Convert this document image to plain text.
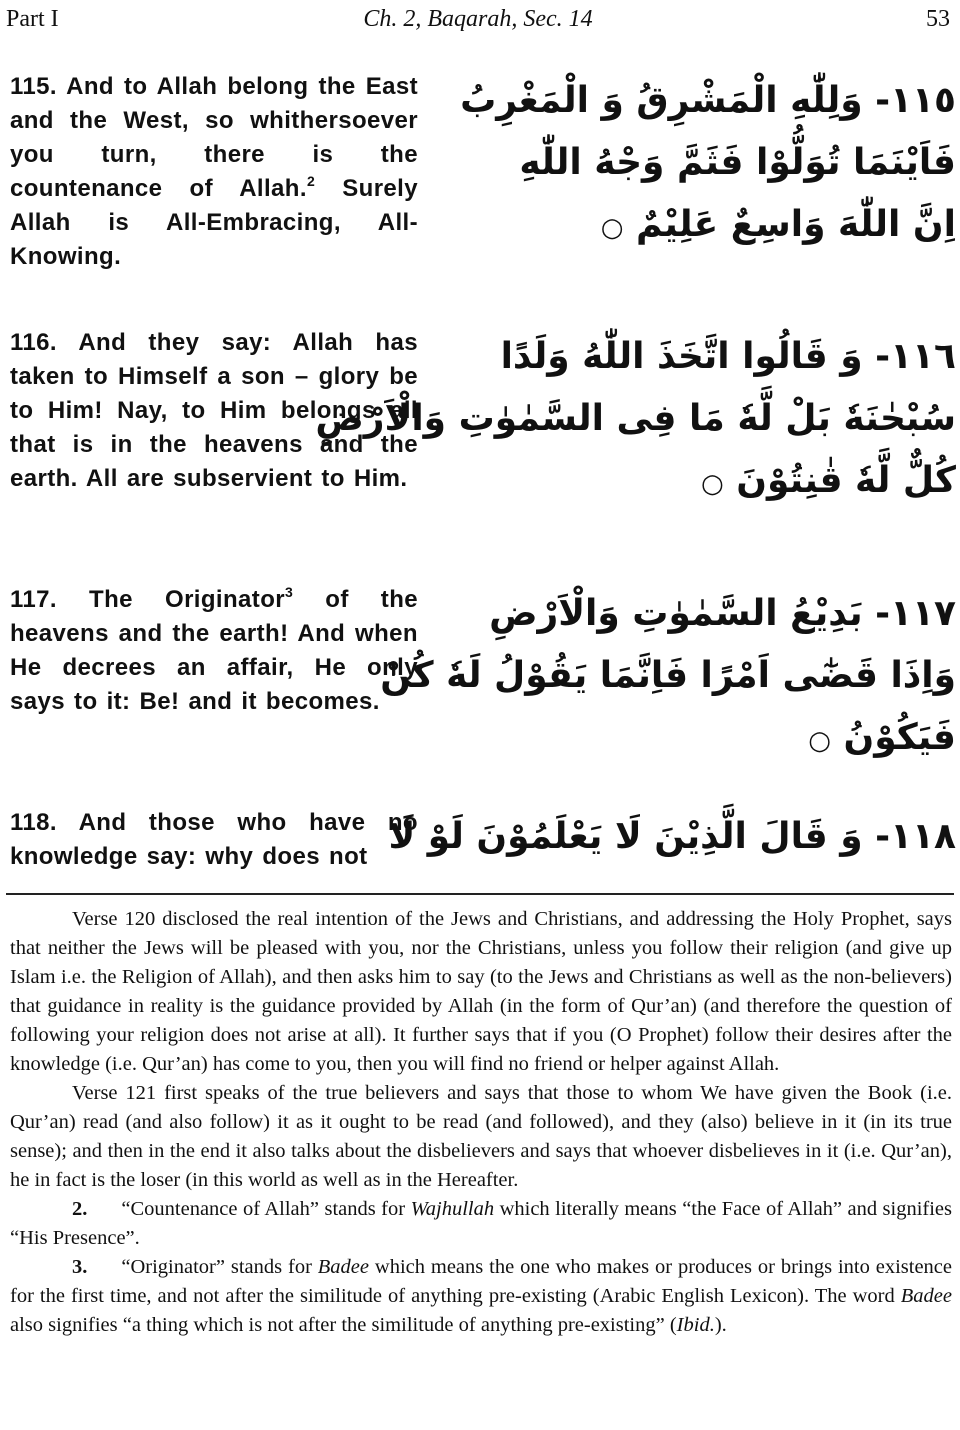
Part I	Ch. 2, Baqarah, Sec. 14	53
115. And to Allah belong the East and the West, so whithersoever you turn, there is the countenance of Allah.$^2$ Surely Allah is All-Embracing, All-Knowing.
١١٥- وَلِلّٰهِ الْمَشْرِقُ وَ الْمَغْرِبُ
فَاَيْنَمَا تُوَلُّوْا فَثَمَّ وَجْهُ اللّٰهِ
اِنَّ اللّٰهَ وَاسِعٌ عَلِيْمٌ ○
116. And they say: Allah has taken to Himself a son – glory be to Him! Nay, to Him belongs all that is in the heavens and the earth. All are subservient to Him.
١١٦- وَ قَالُوا اتَّخَذَ اللّٰهُ وَلَدًا
سُبْحٰنَهٗ بَلْ لَّهٗ مَا فِى السَّمٰوٰتِ وَالْاَرْضِ
كُلٌّ لَّهٗ قٰنِتُوْنَ ○
117. The Originator$^3$ of the heavens and the earth! And when He decrees an affair, He only says to it: Be! and it becomes.
١١٧- بَدِيْعُ السَّمٰوٰتِ وَالْاَرْضِ
وَاِذَا قَضٰٓى اَمْرًا فَاِنَّمَا يَقُوْلُ لَهٗ كُنْ
فَيَكُوْنُ ○
118. And those who have no knowledge say: why does not ١١٨- وَ قَالَ الَّذِيْنَ لَا يَعْلَمُوْنَ لَوْ لَا

Verse 120 disclosed the real intention of the Jews and Christians, and addressing the Holy Prophet, says that neither the Jews will be pleased with you, nor the Christians, unless you follow their religion (and give up Islam i.e. the Religion of Allah), and then asks him to say (to the Jews and Christians as well as the non-believers) that guidance in reality is the guidance provided by Allah (in the form of Qur’an) (and therefore the question of following your religion does not arise at all). It further says that if you (O Prophet) follow their desires after the knowledge (i.e. Qur’an) has come to you, then you will find no friend or helper against Allah.

Verse 121 first speaks of the true believers and says that those to whom We have given the Book (i.e. Qur’an) read (and also follow) it as it ought to be read (and followed), and they (also) believe in it (in its true sense); and then in the end it also talks about the disbelievers and says that whoever disbelieves in it (i.e. Qur’an), he in fact is the loser (in this world as well as in the Hereafter.

2. “Countenance of Allah” stands for Wajhullah which literally means “the Face of Allah” and signifies “His Presence”.

3. “Originator” stands for Badee which means the one who makes or produces or brings into existence for the first time, and not after the similitude of anything pre-existing (Arabic English Lexicon). The word Badee also signifies “a thing which is not after the similitude of anything pre-existing” (Ibid.).
